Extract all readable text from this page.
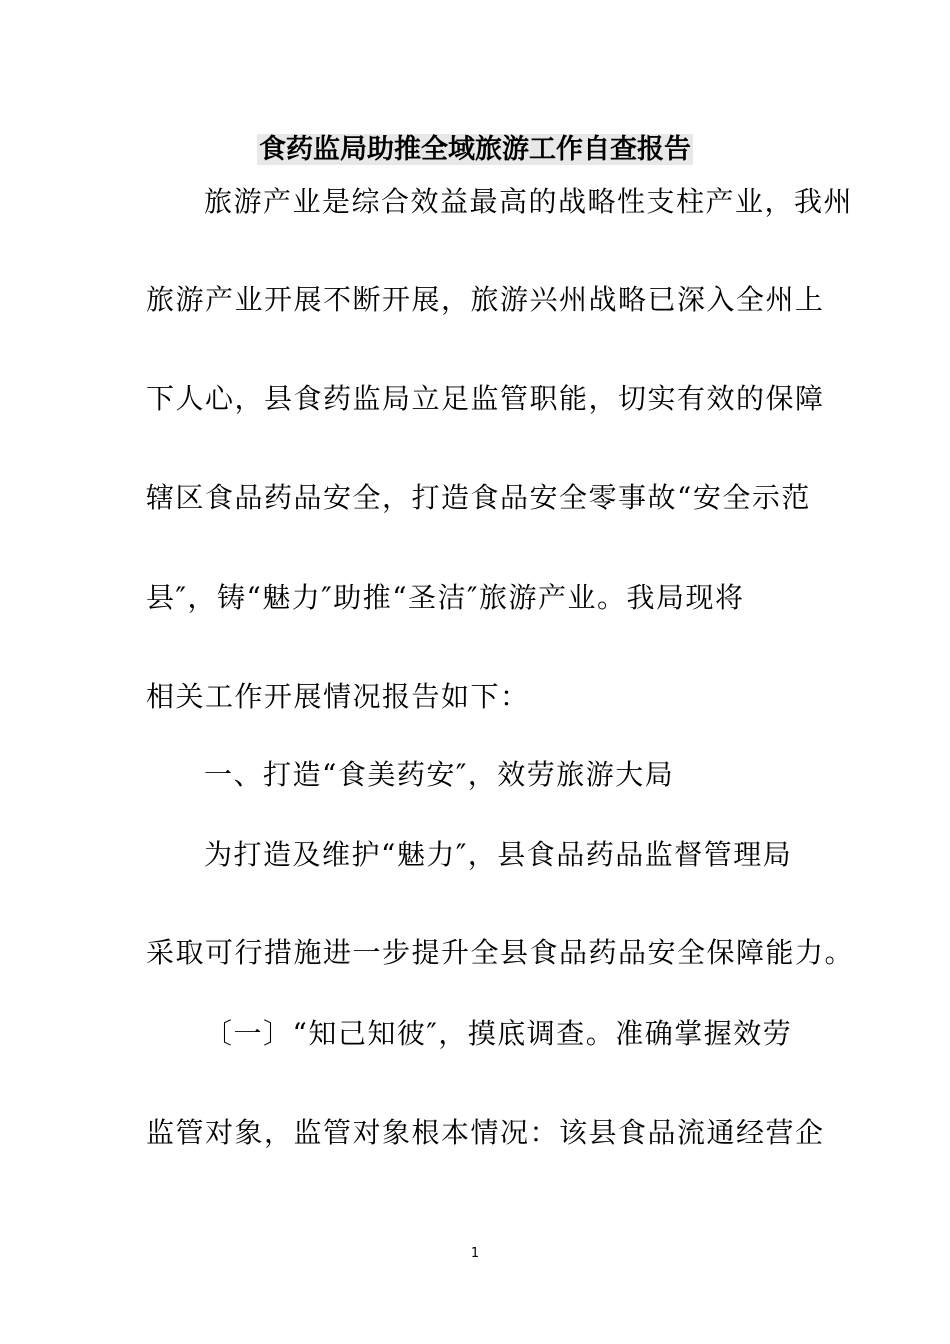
食药监局助推全域旅游工作自查报告
旅游产业是综合效益最高的战略性支柱产业，我州
旅游产业开展不断开展，旅游兴州战略已深入全州上
下人心，县食药监局立足监管职能，切实有效的保障
辖区食品药品安全，打造食品安全零事故“安全示范
县″，铸“魅力″助推“圣洁″旅游产业。我局现将
相关工作开展情况报告如下：
一、打造“食美药安″，效劳旅游大局
为打造及维护“魅力″，县食品药品监督管理局
采取可行措施进一步提升全县食品药品安全保障能力。
〔一〕“知己知彼″，摸底调查。准确掌握效劳
监管对象，监管对象根本情况：该县食品流通经营企
1
